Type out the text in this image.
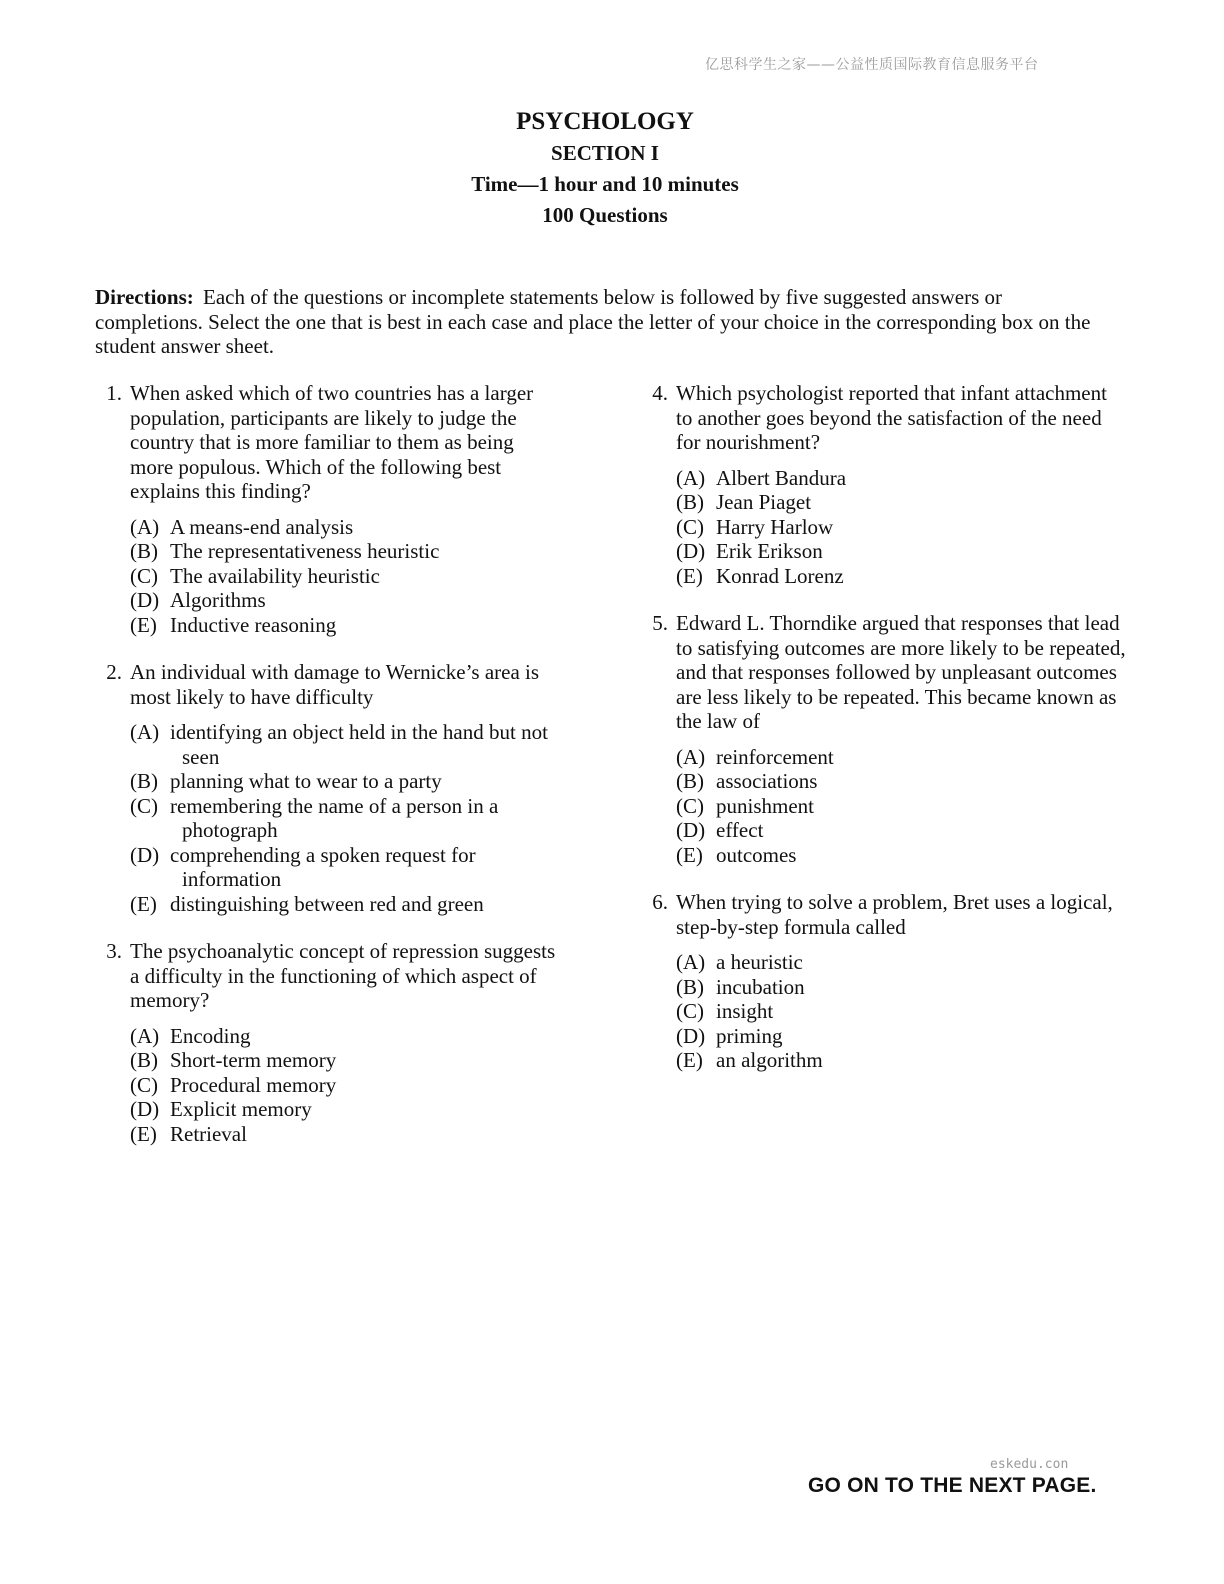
亿思科学生之家——公益性质国际教育信息服务平台
PSYCHOLOGY
SECTION I
Time—1 hour and 10 minutes
100 Questions
Directions: Each of the questions or incomplete statements below is followed by five suggested answers or completions. Select the one that is best in each case and place the letter of your choice in the corresponding box on the student answer sheet.
1. When asked which of two countries has a larger population, participants are likely to judge the country that is more familiar to them as being more populous. Which of the following best explains this finding?
(A) A means-end analysis
(B) The representativeness heuristic
(C) The availability heuristic
(D) Algorithms
(E) Inductive reasoning
2. An individual with damage to Wernicke’s area is most likely to have difficulty
(A) identifying an object held in the hand but not seen
(B) planning what to wear to a party
(C) remembering the name of a person in a photograph
(D) comprehending a spoken request for information
(E) distinguishing between red and green
3. The psychoanalytic concept of repression suggests a difficulty in the functioning of which aspect of memory?
(A) Encoding
(B) Short-term memory
(C) Procedural memory
(D) Explicit memory
(E) Retrieval
4. Which psychologist reported that infant attachment to another goes beyond the satisfaction of the need for nourishment?
(A) Albert Bandura
(B) Jean Piaget
(C) Harry Harlow
(D) Erik Erikson
(E) Konrad Lorenz
5. Edward L. Thorndike argued that responses that lead to satisfying outcomes are more likely to be repeated, and that responses followed by unpleasant outcomes are less likely to be repeated. This became known as the law of
(A) reinforcement
(B) associations
(C) punishment
(D) effect
(E) outcomes
6. When trying to solve a problem, Bret uses a logical, step-by-step formula called
(A) a heuristic
(B) incubation
(C) insight
(D) priming
(E) an algorithm
eskedu.con
GO ON TO THE NEXT PAGE.
